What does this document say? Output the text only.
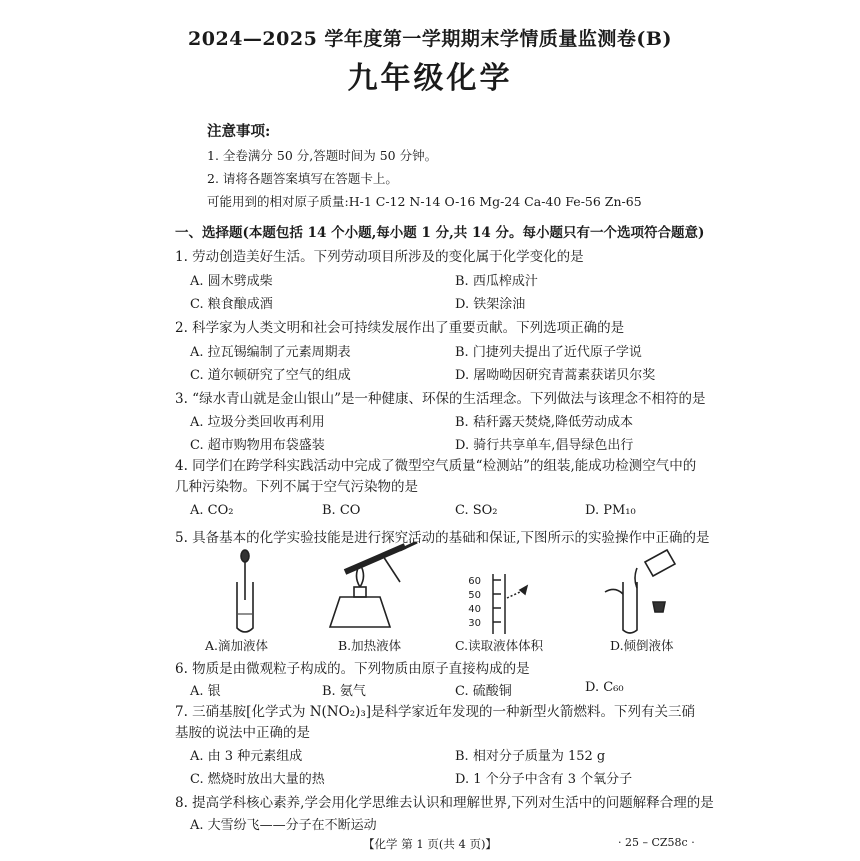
2024—2025 学年度第一学期期末学情质量监测卷(B)
九年级化学
注意事项:
1. 全卷满分 50 分,答题时间为 50 分钟。
2. 请将各题答案填写在答题卡上。
可能用到的相对原子质量:H-1 C-12 N-14 O-16 Mg-24 Ca-40 Fe-56 Zn-65
一、选择题(本题包括 14 个小题,每小题 1 分,共 14 分。每小题只有一个选项符合题意)
1. 劳动创造美好生活。下列劳动项目所涉及的变化属于化学变化的是
A. 圆木劈成柴	B. 西瓜榨成汁
C. 粮食酿成酒	D. 铁架涂油
2. 科学家为人类文明和社会可持续发展作出了重要贡献。下列选项正确的是
A. 拉瓦锡编制了元素周期表	B. 门捷列夫提出了近代原子学说
C. 道尔顿研究了空气的组成	D. 屠呦呦因研究青蒿素获诺贝尔奖
3. “绿水青山就是金山银山”是一种健康、环保的生活理念。下列做法与该理念不相符的是
A. 垃圾分类回收再利用	B. 秸秆露天焚烧,降低劳动成本
C. 超市购物用布袋盛装	D. 骑行共享单车,倡导绿色出行
4. 同学们在跨学科实践活动中完成了微型空气质量“检测站”的组装,能成功检测空气中的几种污染物。下列不属于空气污染物的是
A. CO₂	B. CO	C. SO₂	D. PM₁₀
5. 具备基本的化学实验技能是进行探究活动的基础和保证,下图所示的实验操作中正确的是
60
50
40
30
A.滴加液体	B.加热液体	C.读取液体体积	D.倾倒液体
6. 物质是由微观粒子构成的。下列物质由原子直接构成的是
A. 银	B. 氨气	C. 硫酸铜	D. C₆₀
7. 三硝基胺[化学式为 N(NO₂)₃]是科学家近年发现的一种新型火箭燃料。下列有关三硝基胺的说法中正确的是
A. 由 3 种元素组成	B. 相对分子质量为 152 g
C. 燃烧时放出大量的热	D. 1 个分子中含有 3 个氧分子
8. 提高学科核心素养,学会用化学思维去认识和理解世界,下列对生活中的问题解释合理的是
A. 大雪纷飞——分子在不断运动
【化学 第 1 页(共 4 页)】	· 25 – CZ58c ·
